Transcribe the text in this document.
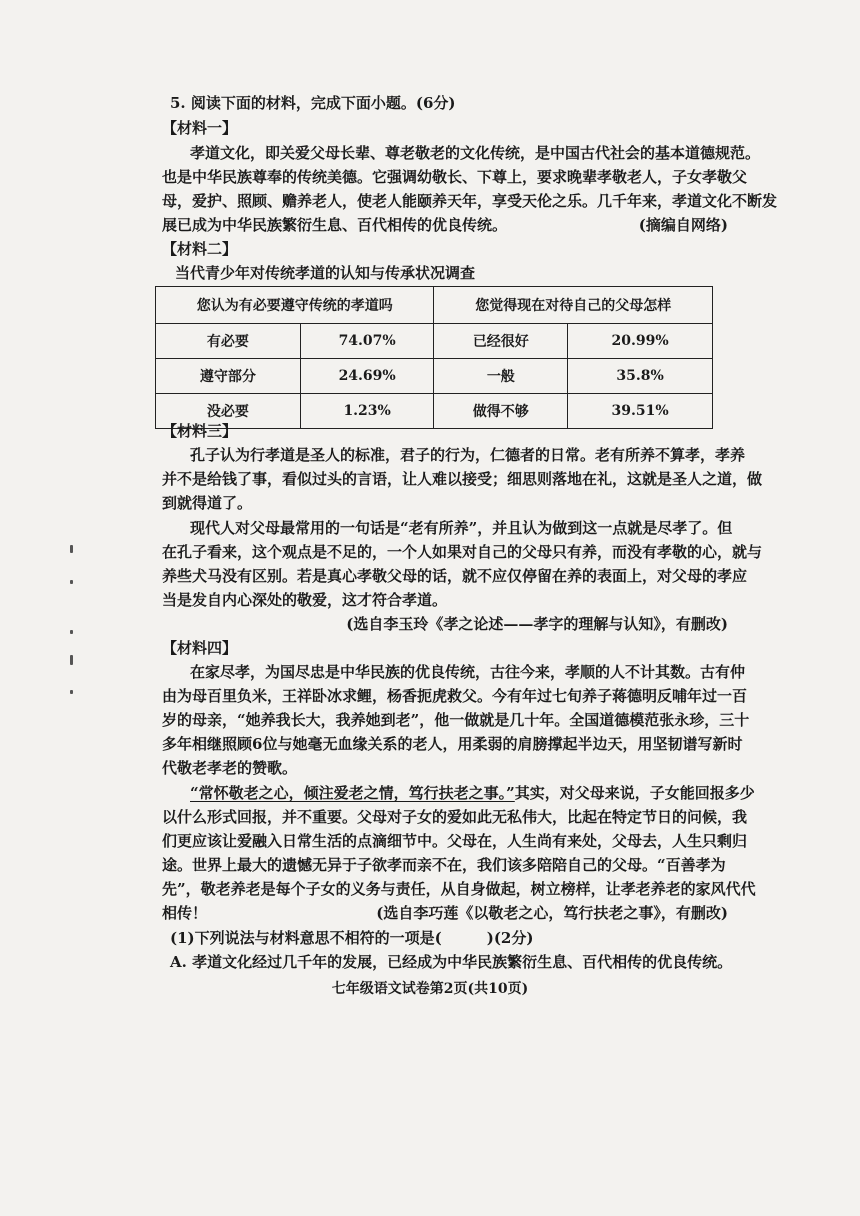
5. 阅读下面的材料，完成下面小题。(6分)
【材料一】
孝道文化，即关爱父母长辈、尊老敬老的文化传统，是中国古代社会的基本道德规范。
也是中华民族尊奉的传统美德。它强调幼敬长、下尊上，要求晚辈孝敬老人，子女孝敬父
母，爱护、照顾、赡养老人，使老人能颐养天年，享受天伦之乐。几千年来，孝道文化不断发
展已成为中华民族繁衍生息、百代相传的优良传统。	(摘编自网络)
【材料二】
当代青少年对传统孝道的认知与传承状况调查
您认为有必要遵守传统的孝道吗		您觉得现在对待自己的父母怎样	
有必要	74.07%	已经很好	20.99%
遵守部分	24.69%	一般	35.8%
没必要	1.23%	做得不够	39.51%
【材料三】
孔子认为行孝道是圣人的标准，君子的行为，仁德者的日常。老有所养不算孝，孝养
并不是给钱了事，看似过头的言语，让人难以接受；细思则落地在礼，这就是圣人之道，做
到就得道了。
现代人对父母最常用的一句话是“老有所养”，并且认为做到这一点就是尽孝了。但
在孔子看来，这个观点是不足的，一个人如果对自己的父母只有养，而没有孝敬的心，就与
养些犬马没有区别。若是真心孝敬父母的话，就不应仅停留在养的表面上，对父母的孝应
当是发自内心深处的敬爱，这才符合孝道。
(选自李玉玲《孝之论述——孝字的理解与认知》，有删改)
【材料四】
在家尽孝，为国尽忠是中华民族的优良传统，古往今来，孝顺的人不计其数。古有仲
由为母百里负米，王祥卧冰求鲤，杨香扼虎救父。今有年过七旬养子蒋德明反哺年过一百
岁的母亲，“她养我长大，我养她到老”，他一做就是几十年。全国道德模范张永珍，三十
多年相继照顾6位与她毫无血缘关系的老人，用柔弱的肩膀撑起半边天，用坚韧谱写新时
代敬老孝老的赞歌。
“常怀敬老之心，倾注爱老之情，笃行扶老之事。”其实，对父母来说，子女能回报多少
以什么形式回报，并不重要。父母对子女的爱如此无私伟大，比起在特定节日的问候，我
们更应该让爱融入日常生活的点滴细节中。父母在，人生尚有来处，父母去，人生只剩归
途。世界上最大的遗憾无异于子欲孝而亲不在，我们该多陪陪自己的父母。“百善孝为
先”，敬老养老是每个子女的义务与责任，从自身做起，树立榜样，让孝老养老的家风代代
相传！	(选自李巧莲《以敬老之心，笃行扶老之事》，有删改)
(1)下列说法与材料意思不相符的一项是(　　　)(2分)
A. 孝道文化经过几千年的发展，已经成为中华民族繁衍生息、百代相传的优良传统。
七年级语文试卷第2页(共10页)
